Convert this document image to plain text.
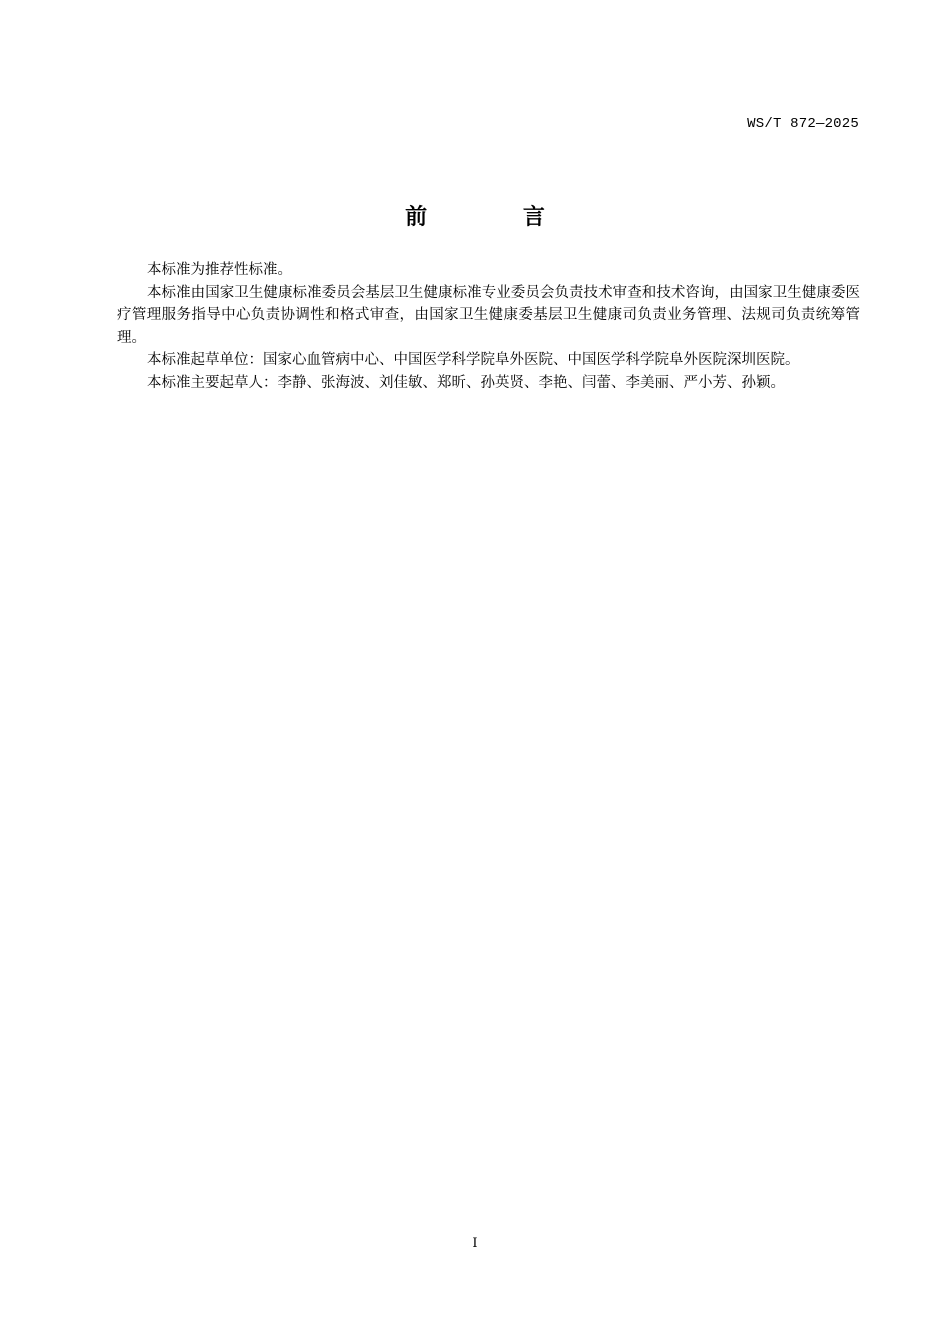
WS/T 872—2025
前 言

本标准为推荐性标准。

本标准由国家卫生健康标准委员会基层卫生健康标准专业委员会负责技术审查和技术咨询，由国家卫生健康委医疗管理服务指导中心负责协调性和格式审查，由国家卫生健康委基层卫生健康司负责业务管理、法规司负责统筹管理。

本标准起草单位：国家心血管病中心、中国医学科学院阜外医院、中国医学科学院阜外医院深圳医院。

本标准主要起草人：李静、张海波、刘佳敏、郑昕、孙英贤、李艳、闫蕾、李美丽、严小芳、孙颖。

I
